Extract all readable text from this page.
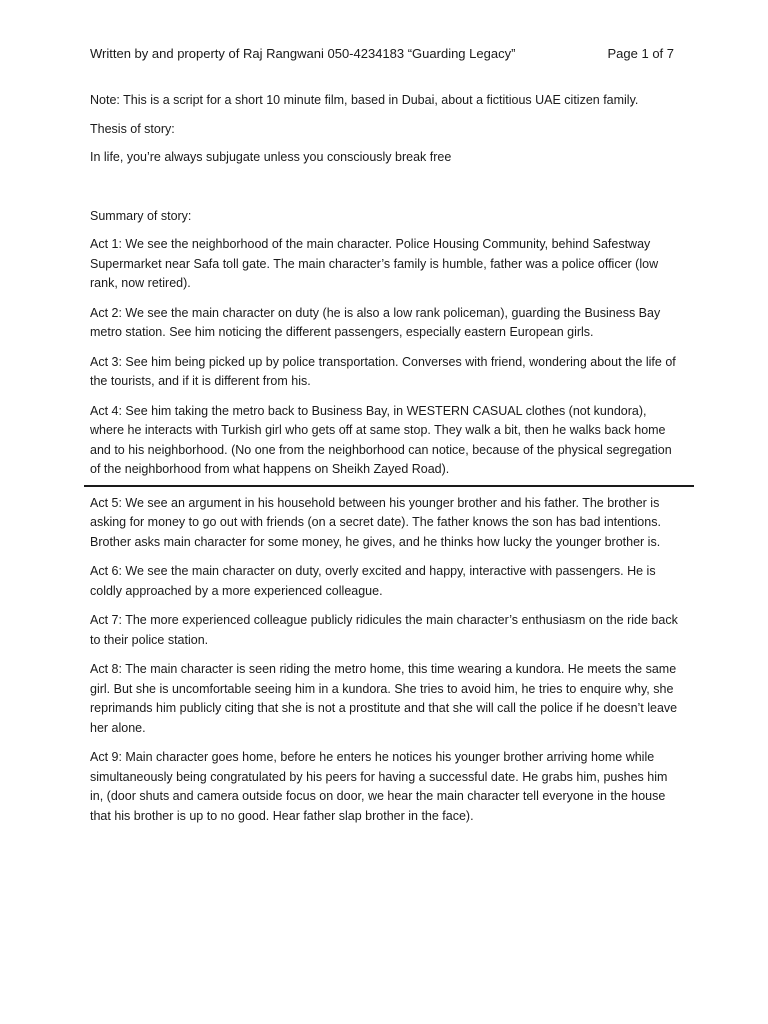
Written by and property of Raj Rangwani 050-4234183 “Guarding Legacy”	Page 1 of 7

Note: This is a script for a short 10 minute film, based in Dubai, about a fictitious UAE citizen family.

Thesis of story:

In life, you’re always subjugate unless you consciously break free

Summary of story:

Act 1: We see the neighborhood of the main character. Police Housing Community, behind Safestway Supermarket near Safa toll gate. The main character’s family is humble, father was a police officer (low rank, now retired).

Act 2: We see the main character on duty (he is also a low rank policeman), guarding the Business Bay metro station. See him noticing the different passengers, especially eastern European girls.

Act 3: See him being picked up by police transportation. Converses with friend, wondering about the life of the tourists, and if it is different from his.

Act 4: See him taking the metro back to Business Bay, in WESTERN CASUAL clothes (not kundora), where he interacts with Turkish girl who gets off at same stop. They walk a bit, then he walks back home and to his neighborhood. (No one from the neighborhood can notice, because of the physical segregation of the neighborhood from what happens on Sheikh Zayed Road).

Act 5: We see an argument in his household between his younger brother and his father. The brother is asking for money to go out with friends (on a secret date). The father knows the son has bad intentions. Brother asks main character for some money, he gives, and he thinks how lucky the younger brother is.

Act 6: We see the main character on duty, overly excited and happy, interactive with passengers. He is coldly approached by a more experienced colleague.

Act 7: The more experienced colleague publicly ridicules the main character’s enthusiasm on the ride back to their police station.

Act 8: The main character is seen riding the metro home, this time wearing a kundora. He meets the same girl. But she is uncomfortable seeing him in a kundora. She tries to avoid him, he tries to enquire why, she reprimands him publicly citing that she is not a prostitute and that she will call the police if he doesn’t leave her alone.

Act 9: Main character goes home, before he enters he notices his younger brother arriving home while simultaneously being congratulated by his peers for having a successful date. He grabs him, pushes him in, (door shuts and camera outside focus on door, we hear the main character tell everyone in the house that his brother is up to no good. Hear father slap brother in the face).
